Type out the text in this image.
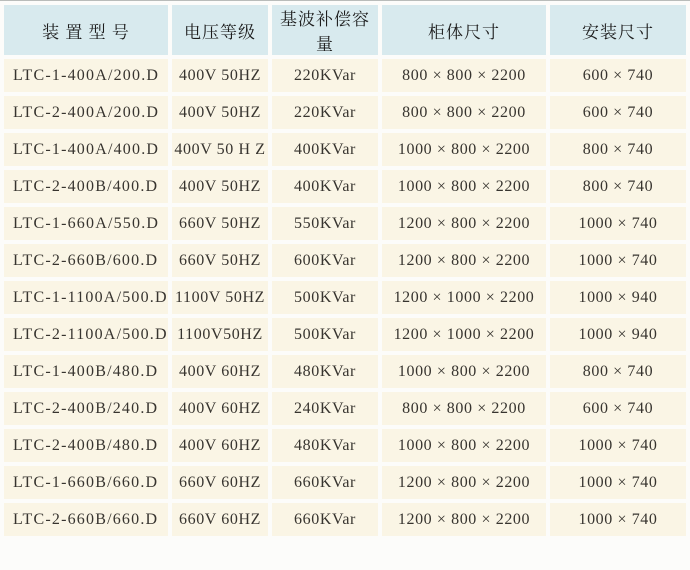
装 置 型 号	电压等级	基波补偿容量	柜体尺寸	安装尺寸
LTC-1-400A/200.D	400V 50HZ	220KVar	800 × 800 × 2200	600 × 740
LTC-2-400A/200.D	400V 50HZ	220KVar	800 × 800 × 2200	600 × 740
LTC-1-400A/400.D	400V 50 H Z	400KVar	1000 × 800 × 2200	800 × 740
LTC-2-400B/400.D	400V 50HZ	400KVar	1000 × 800 × 2200	800 × 740
LTC-1-660A/550.D	660V 50HZ	550KVar	1200 × 800 × 2200	1000 × 740
LTC-2-660B/600.D	660V 50HZ	600KVar	1200 × 800 × 2200	1000 × 740
LTC-1-1100A/500.D	1100V 50HZ	500KVar	1200 × 1000 × 2200	1000 × 940
LTC-2-1100A/500.D	1100V50HZ	500KVar	1200 × 1000 × 2200	1000 × 940
LTC-1-400B/480.D	400V 60HZ	480KVar	1000 × 800 × 2200	800 × 740
LTC-2-400B/240.D	400V 60HZ	240KVar	800 × 800 × 2200	600 × 740
LTC-2-400B/480.D	400V 60HZ	480KVar	1000 × 800 × 2200	1000 × 740
LTC-1-660B/660.D	660V 60HZ	660KVar	1200 × 800 × 2200	1000 × 740
LTC-2-660B/660.D	660V 60HZ	660KVar	1200 × 800 × 2200	1000 × 740
